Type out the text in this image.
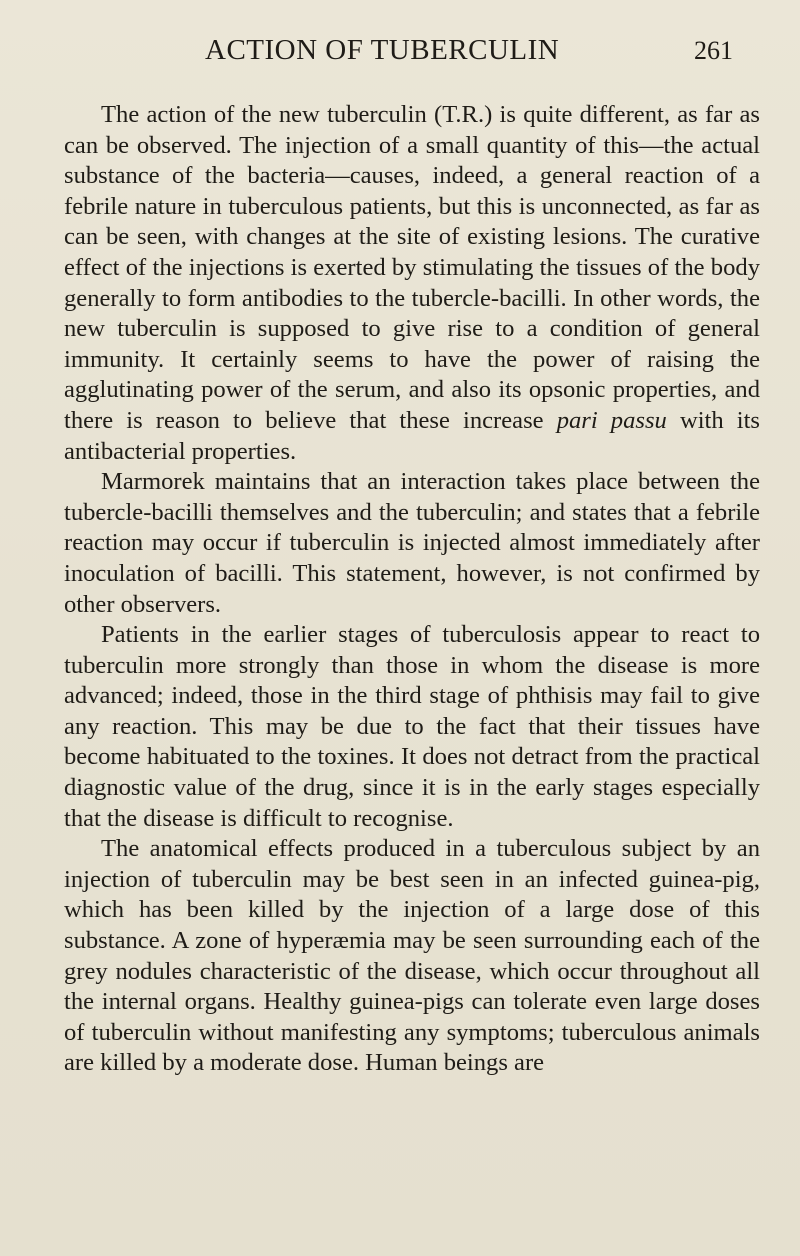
ACTION OF TUBERCULIN	261

The action of the new tuberculin (T.R.) is quite different, as far as can be observed. The injection of a small quantity of this—the actual substance of the bacteria—causes, indeed, a general reaction of a febrile nature in tuberculous patients, but this is unconnected, as far as can be seen, with changes at the site of existing lesions. The curative effect of the injections is exerted by stimulating the tissues of the body generally to form antibodies to the tubercle-bacilli. In other words, the new tuberculin is supposed to give rise to a condition of general immunity. It certainly seems to have the power of raising the agglutinating power of the serum, and also its opsonic properties, and there is reason to believe that these increase pari passu with its antibacterial properties.

Marmorek maintains that an interaction takes place between the tubercle-bacilli themselves and the tuberculin; and states that a febrile reaction may occur if tuberculin is injected almost immediately after inoculation of bacilli. This statement, however, is not confirmed by other observers.

Patients in the earlier stages of tuberculosis appear to react to tuberculin more strongly than those in whom the disease is more advanced; indeed, those in the third stage of phthisis may fail to give any reaction. This may be due to the fact that their tissues have become habituated to the toxines. It does not detract from the practical diagnostic value of the drug, since it is in the early stages especially that the disease is difficult to recognise.

The anatomical effects produced in a tuberculous subject by an injection of tuberculin may be best seen in an infected guinea-pig, which has been killed by the injection of a large dose of this substance. A zone of hyperæmia may be seen surrounding each of the grey nodules characteristic of the disease, which occur throughout all the internal organs. Healthy guinea-pigs can tolerate even large doses of tuberculin without manifesting any symptoms; tuberculous animals are killed by a moderate dose. Human beings are
